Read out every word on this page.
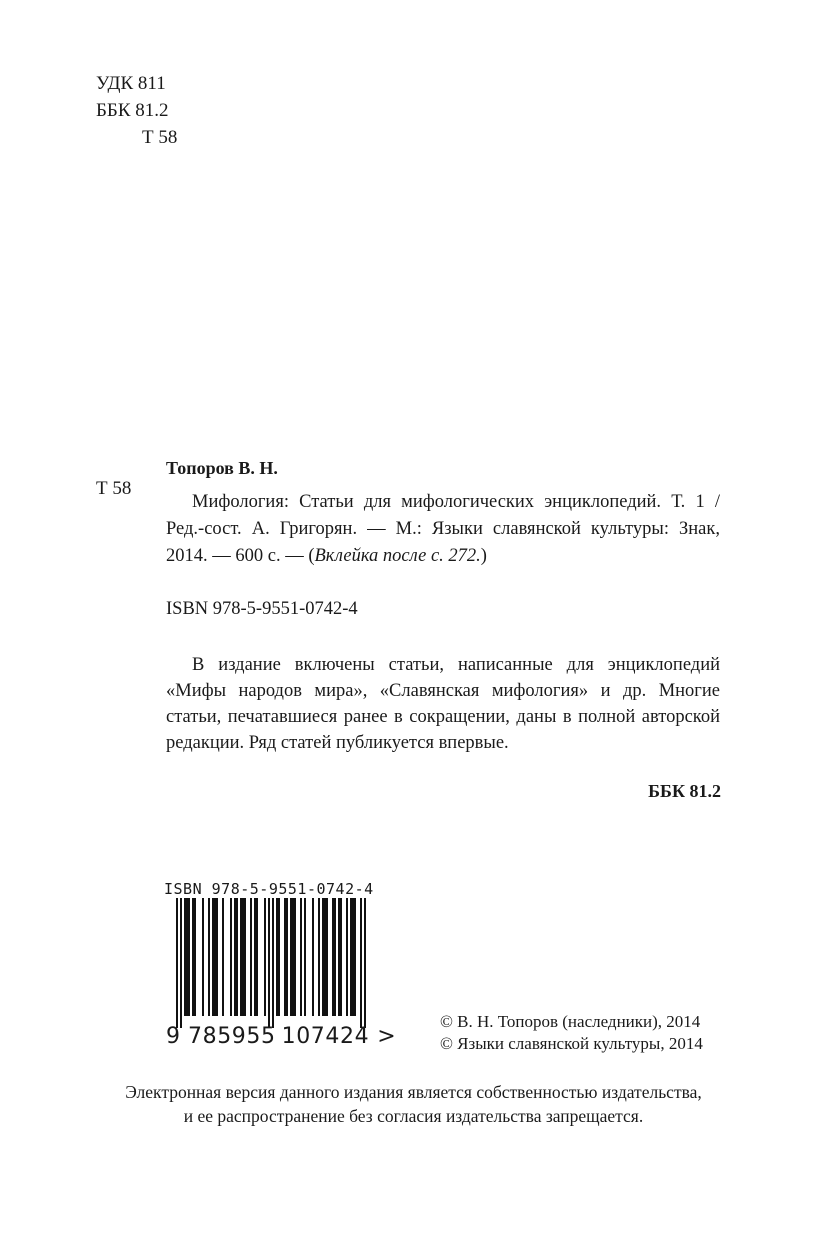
УДК 811
ББК 81.2
Т 58
Топоров В. Н.
Т 58

Мифология: Статьи для мифологических энциклопедий. Т. 1 / Ред.-сост. А. Григорян. — М.: Языки славянской культуры: Знак, 2014. — 600 с. — (Вклейка после с. 272.)

ISBN 978-5-9551-0742-4

В издание включены статьи, написанные для энциклопедий «Мифы народов мира», «Славянская мифология» и др. Многие статьи, печатавшиеся ранее в сокращении, даны в полной авторской редакции. Ряд статей публикуется впервые.

ББК 81.2
ISBN 978-5-9551-0742-4
9 785955 107424 >
© В. Н. Топоров (наследники), 2014
© Языки славянской культуры, 2014
Электронная версия данного издания является собственностью издательства,
и ее распространение без согласия издательства запрещается.
